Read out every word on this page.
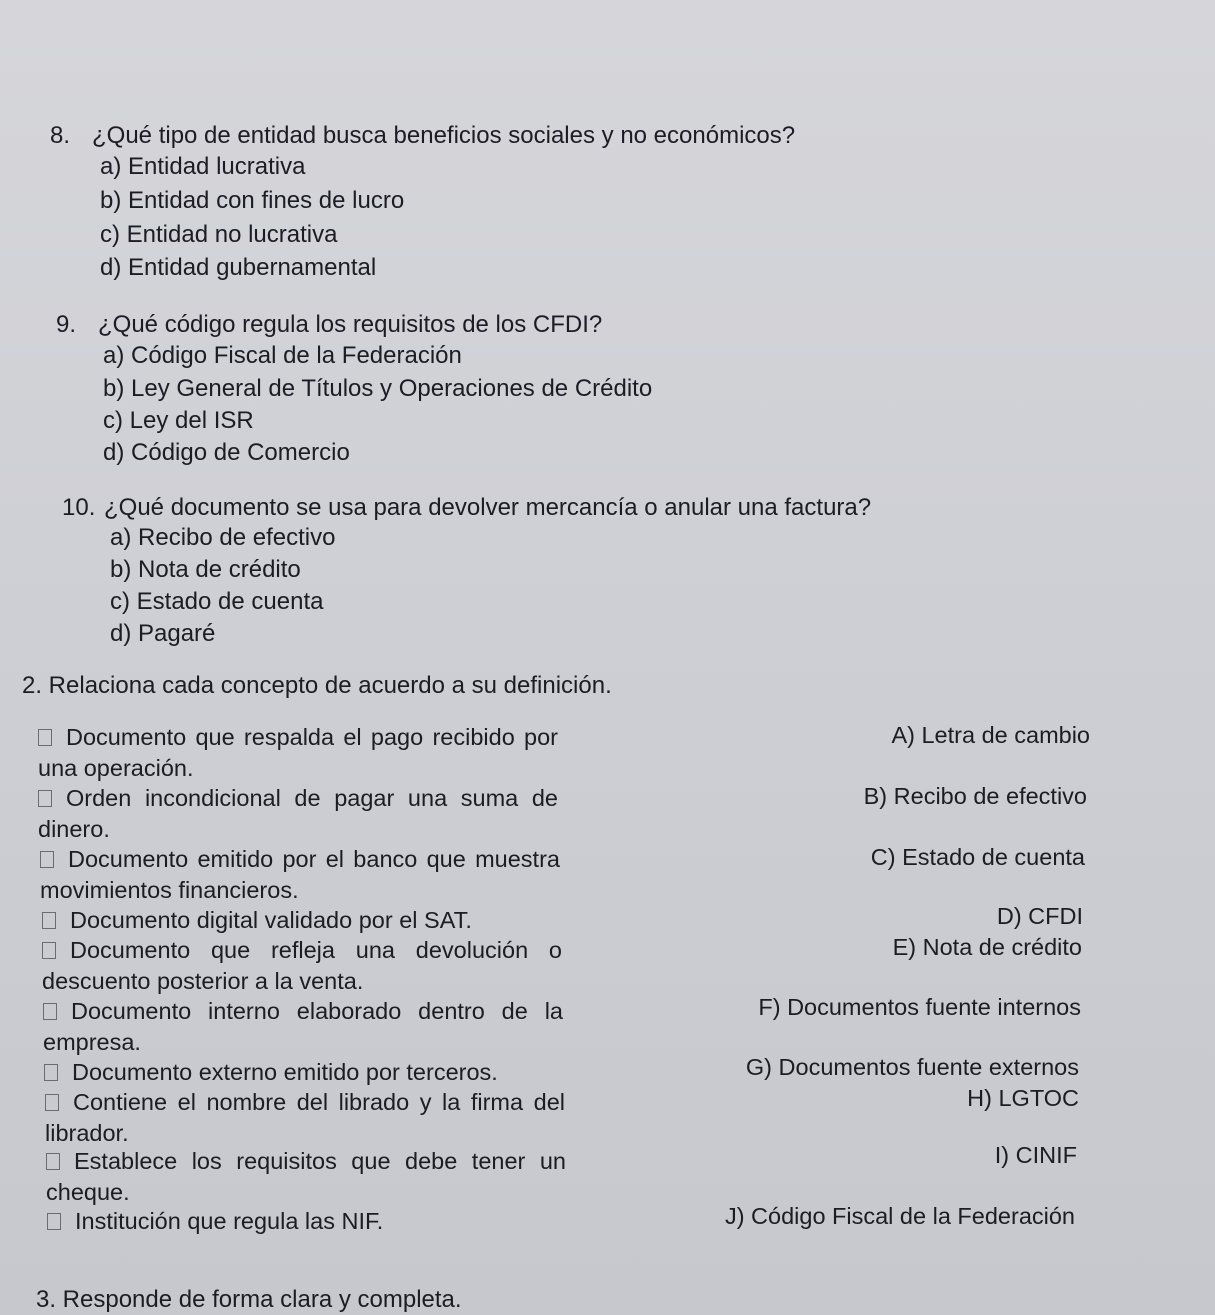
8. ¿Qué tipo de entidad busca beneficios sociales y no económicos?
a) Entidad lucrativa
b) Entidad con fines de lucro
c) Entidad no lucrativa
d) Entidad gubernamental
9. ¿Qué código regula los requisitos de los CFDI?
a) Código Fiscal de la Federación
b) Ley General de Títulos y Operaciones de Crédito
c) Ley del ISR
d) Código de Comercio
10. ¿Qué documento se usa para devolver mercancía o anular una factura?
a) Recibo de efectivo
b) Nota de crédito
c) Estado de cuenta
d) Pagaré
2. Relaciona cada concepto de acuerdo a su definición.
Documento que respalda el pago recibido por una operación.
Orden incondicional de pagar una suma de dinero.
Documento emitido por el banco que muestra movimientos financieros.
Documento digital validado por el SAT.
Documento que refleja una devolución o descuento posterior a la venta.
Documento interno elaborado dentro de la empresa.
Documento externo emitido por terceros.
Contiene el nombre del librado y la firma del librador.
Establece los requisitos que debe tener un cheque.
Institución que regula las NIF.
A) Letra de cambio
B) Recibo de efectivo
C) Estado de cuenta
D) CFDI
E) Nota de crédito
F) Documentos fuente internos
G) Documentos fuente externos
H) LGTOC
I) CINIF
J) Código Fiscal de la Federación
3. Responde de forma clara y completa.
